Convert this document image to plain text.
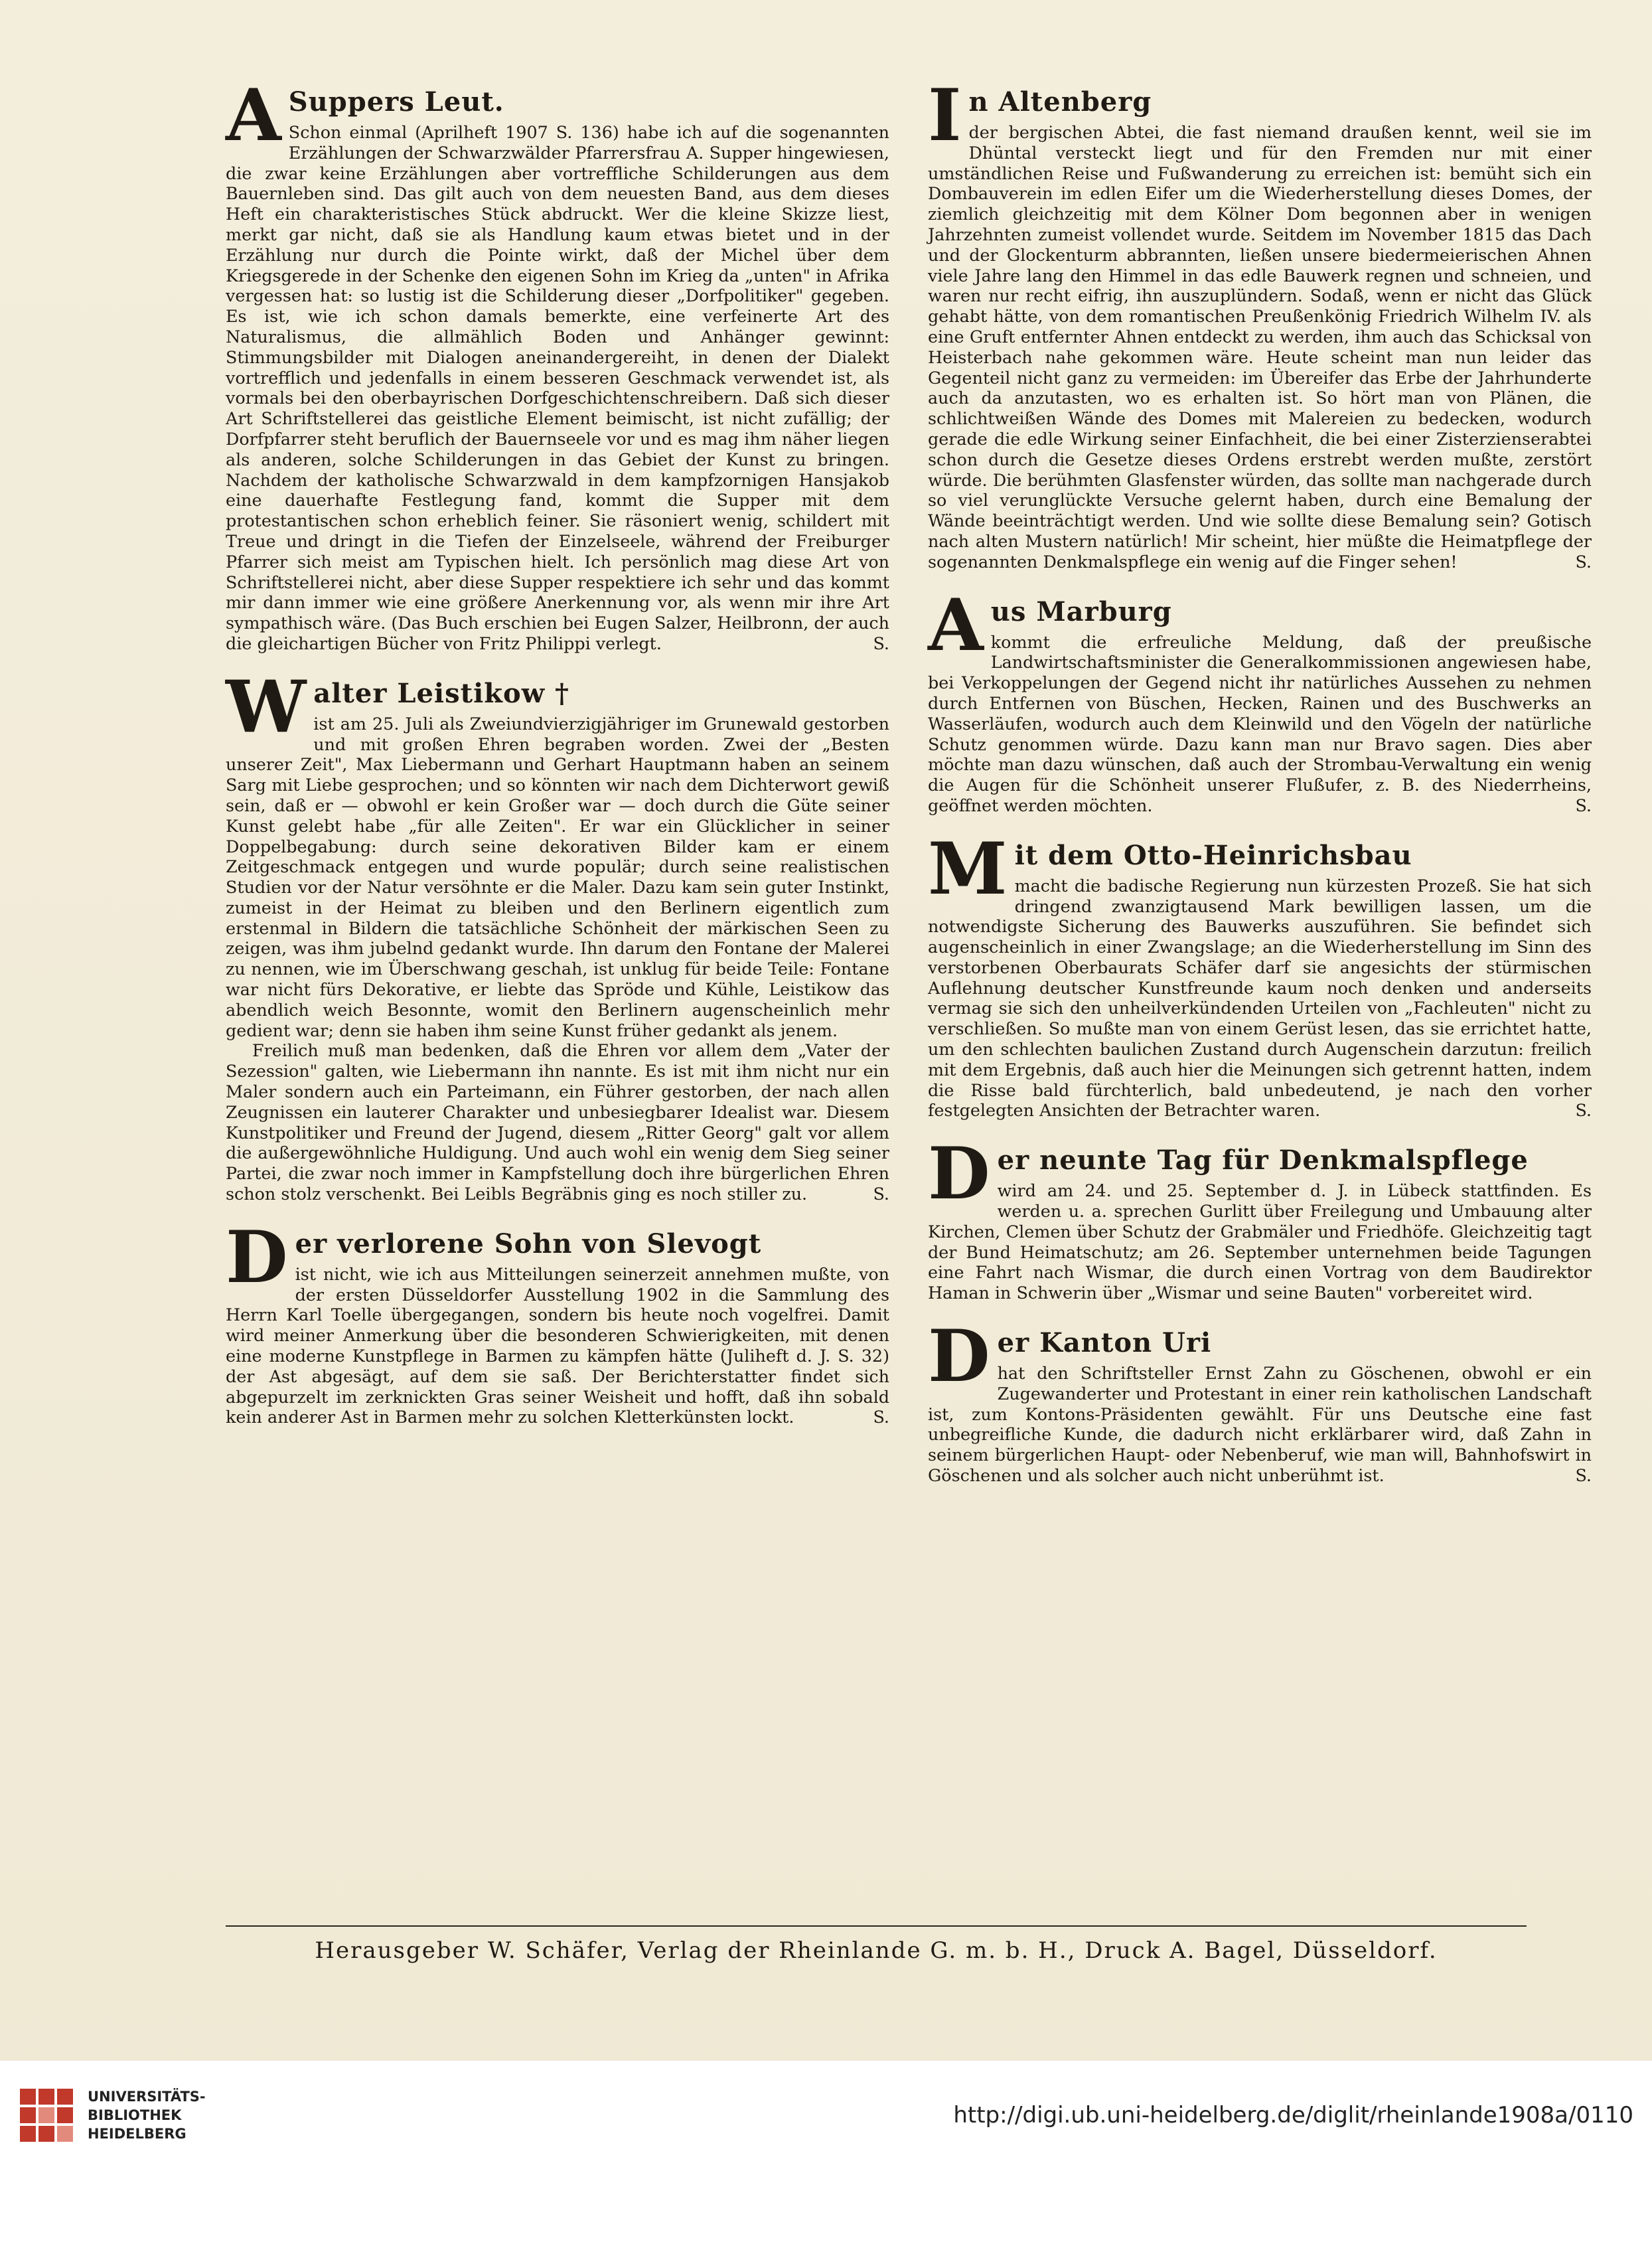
A Suppers Leut.

Schon einmal (Aprilheft 1907 S. 136) habe ich auf die sogenannten Erzählungen der Schwarzwälder Pfarrersfrau A. Supper hingewiesen, die zwar keine Erzählungen aber vortreffliche Schilderungen aus dem Bauernleben sind. Das gilt auch von dem neuesten Band, aus dem dieses Heft ein charakteristisches Stück abdruckt. Wer die kleine Skizze liest, merkt gar nicht, daß sie als Handlung kaum etwas bietet und in der Erzählung nur durch die Pointe wirkt, daß der Michel über dem Kriegsgerede in der Schenke den eigenen Sohn im Krieg da „unten" in Afrika vergessen hat: so lustig ist die Schilderung dieser „Dorfpolitiker" gegeben. Es ist, wie ich schon damals bemerkte, eine verfeinerte Art des Naturalismus, die allmählich Boden und Anhänger gewinnt: Stimmungsbilder mit Dialogen aneinandergereiht, in denen der Dialekt vortrefflich und jedenfalls in einem besseren Geschmack verwendet ist, als vormals bei den oberbayrischen Dorfgeschichtenschreibern. Daß sich dieser Art Schriftstellerei das geistliche Element beimischt, ist nicht zufällig; der Dorfpfarrer steht beruflich der Bauernseele vor und es mag ihm näher liegen als anderen, solche Schilderungen in das Gebiet der Kunst zu bringen. Nachdem der katholische Schwarzwald in dem kampfzornigen Hansjakob eine dauerhafte Festlegung fand, kommt die Supper mit dem protestantischen schon erheblich feiner. Sie räsoniert wenig, schildert mit Treue und dringt in die Tiefen der Einzelseele, während der Freiburger Pfarrer sich meist am Typischen hielt. Ich persönlich mag diese Art von Schriftstellerei nicht, aber diese Supper respektiere ich sehr und das kommt mir dann immer wie eine größere Anerkennung vor, als wenn mir ihre Art sympathisch wäre. (Das Buch erschien bei Eugen Salzer, Heilbronn, der auch die gleichartigen Bücher von Fritz Philippi verlegt.	S.

Walter Leistikow †

ist am 25. Juli als Zweiundvierzigjähriger im Grunewald gestorben und mit großen Ehren begraben worden. Zwei der „Besten unserer Zeit", Max Liebermann und Gerhart Hauptmann haben an seinem Sarg mit Liebe gesprochen; und so könnten wir nach dem Dichterwort gewiß sein, daß er — obwohl er kein Großer war — doch durch die Güte seiner Kunst gelebt habe „für alle Zeiten". Er war ein Glücklicher in seiner Doppelbegabung: durch seine dekorativen Bilder kam er einem Zeitgeschmack entgegen und wurde populär; durch seine realistischen Studien vor der Natur versöhnte er die Maler. Dazu kam sein guter Instinkt, zumeist in der Heimat zu bleiben und den Berlinern eigentlich zum erstenmal in Bildern die tatsächliche Schönheit der märkischen Seen zu zeigen, was ihm jubelnd gedankt wurde. Ihn darum den Fontane der Malerei zu nennen, wie im Überschwang geschah, ist unklug für beide Teile: Fontane war nicht fürs Dekorative, er liebte das Spröde und Kühle, Leistikow das abendlich weich Besonnte, womit den Berlinern augenscheinlich mehr gedient war; denn sie haben ihm seine Kunst früher gedankt als jenem.

Freilich muß man bedenken, daß die Ehren vor allem dem „Vater der Sezession" galten, wie Liebermann ihn nannte. Es ist mit ihm nicht nur ein Maler sondern auch ein Parteimann, ein Führer gestorben, der nach allen Zeugnissen ein lauterer Charakter und unbesiegbarer Idealist war. Diesem Kunstpolitiker und Freund der Jugend, diesem „Ritter Georg" galt vor allem die außergewöhnliche Huldigung. Und auch wohl ein wenig dem Sieg seiner Partei, die zwar noch immer in Kampfstellung doch ihre bürgerlichen Ehren schon stolz verschenkt. Bei Leibls Begräbnis ging es noch stiller zu.	S.

Der verlorene Sohn von Slevogt

ist nicht, wie ich aus Mitteilungen seinerzeit annehmen mußte, von der ersten Düsseldorfer Ausstellung 1902 in die Sammlung des Herrn Karl Toelle übergegangen, sondern bis heute noch vogelfrei. Damit wird meiner Anmerkung über die besonderen Schwierigkeiten, mit denen eine moderne Kunstpflege in Barmen zu kämpfen hätte (Juliheft d. J. S. 32) der Ast abgesägt, auf dem sie saß. Der Berichterstatter findet sich abgepurzelt im zerknickten Gras seiner Weisheit und hofft, daß ihn sobald kein anderer Ast in Barmen mehr zu solchen Kletterkünsten lockt.	S.

In Altenberg

der bergischen Abtei, die fast niemand draußen kennt, weil sie im Dhüntal versteckt liegt und für den Fremden nur mit einer umständlichen Reise und Fußwanderung zu erreichen ist: bemüht sich ein Dombauverein im edlen Eifer um die Wiederherstellung dieses Domes, der ziemlich gleichzeitig mit dem Kölner Dom begonnen aber in wenigen Jahrzehnten zumeist vollendet wurde. Seitdem im November 1815 das Dach und der Glockenturm abbrannten, ließen unsere biedermeierischen Ahnen viele Jahre lang den Himmel in das edle Bauwerk regnen und schneien, und waren nur recht eifrig, ihn auszuplündern. Sodaß, wenn er nicht das Glück gehabt hätte, von dem romantischen Preußenkönig Friedrich Wilhelm IV. als eine Gruft entfernter Ahnen entdeckt zu werden, ihm auch das Schicksal von Heisterbach nahe gekommen wäre. Heute scheint man nun leider das Gegenteil nicht ganz zu vermeiden: im Übereifer das Erbe der Jahrhunderte auch da anzutasten, wo es erhalten ist. So hört man von Plänen, die schlichtweißen Wände des Domes mit Malereien zu bedecken, wodurch gerade die edle Wirkung seiner Einfachheit, die bei einer Zisterzienserabtei schon durch die Gesetze dieses Ordens erstrebt werden mußte, zerstört würde. Die berühmten Glasfenster würden, das sollte man nachgerade durch so viel verunglückte Versuche gelernt haben, durch eine Bemalung der Wände beeinträchtigt werden. Und wie sollte diese Bemalung sein? Gotisch nach alten Mustern natürlich! Mir scheint, hier müßte die Heimatpflege der sogenannten Denkmalspflege ein wenig auf die Finger sehen!	S.

Aus Marburg

kommt die erfreuliche Meldung, daß der preußische Landwirtschaftsminister die Generalkommissionen angewiesen habe, bei Verkoppelungen der Gegend nicht ihr natürliches Aussehen zu nehmen durch Entfernen von Büschen, Hecken, Rainen und des Buschwerks an Wasserläufen, wodurch auch dem Kleinwild und den Vögeln der natürliche Schutz genommen würde. Dazu kann man nur Bravo sagen. Dies aber möchte man dazu wünschen, daß auch der Strombau-Verwaltung ein wenig die Augen für die Schönheit unserer Flußufer, z. B. des Niederrheins, geöffnet werden möchten.	S.

Mit dem Otto-Heinrichsbau

macht die badische Regierung nun kürzesten Prozeß. Sie hat sich dringend zwanzigtausend Mark bewilligen lassen, um die notwendigste Sicherung des Bauwerks auszuführen. Sie befindet sich augenscheinlich in einer Zwangslage; an die Wiederherstellung im Sinn des verstorbenen Oberbaurats Schäfer darf sie angesichts der stürmischen Auflehnung deutscher Kunstfreunde kaum noch denken und anderseits vermag sie sich den unheilverkündenden Urteilen von „Fachleuten" nicht zu verschließen. So mußte man von einem Gerüst lesen, das sie errichtet hatte, um den schlechten baulichen Zustand durch Augenschein darzutun: freilich mit dem Ergebnis, daß auch hier die Meinungen sich getrennt hatten, indem die Risse bald fürchterlich, bald unbedeutend, je nach den vorher festgelegten Ansichten der Betrachter waren.	S.

Der neunte Tag für Denkmalspflege

wird am 24. und 25. September d. J. in Lübeck stattfinden. Es werden u. a. sprechen Gurlitt über Freilegung und Umbauung alter Kirchen, Clemen über Schutz der Grabmäler und Friedhöfe. Gleichzeitig tagt der Bund Heimatschutz; am 26. September unternehmen beide Tagungen eine Fahrt nach Wismar, die durch einen Vortrag von dem Baudirektor Haman in Schwerin über „Wismar und seine Bauten" vorbereitet wird.

Der Kanton Uri

hat den Schriftsteller Ernst Zahn zu Göschenen, obwohl er ein Zugewanderter und Protestant in einer rein katholischen Landschaft ist, zum Kontons-Präsidenten gewählt. Für uns Deutsche eine fast unbegreifliche Kunde, die dadurch nicht erklärbarer wird, daß Zahn in seinem bürgerlichen Haupt- oder Nebenberuf, wie man will, Bahnhofswirt in Göschenen und als solcher auch nicht unberühmt ist.	S.

Herausgeber W. Schäfer, Verlag der Rheinlande G. m. b. H., Druck A. Bagel, Düsseldorf.
UNIVERSITÄTS-
BIBLIOTHEK
HEIDELBERG
http://digi.ub.uni-heidelberg.de/diglit/rheinlande1908a/0110
